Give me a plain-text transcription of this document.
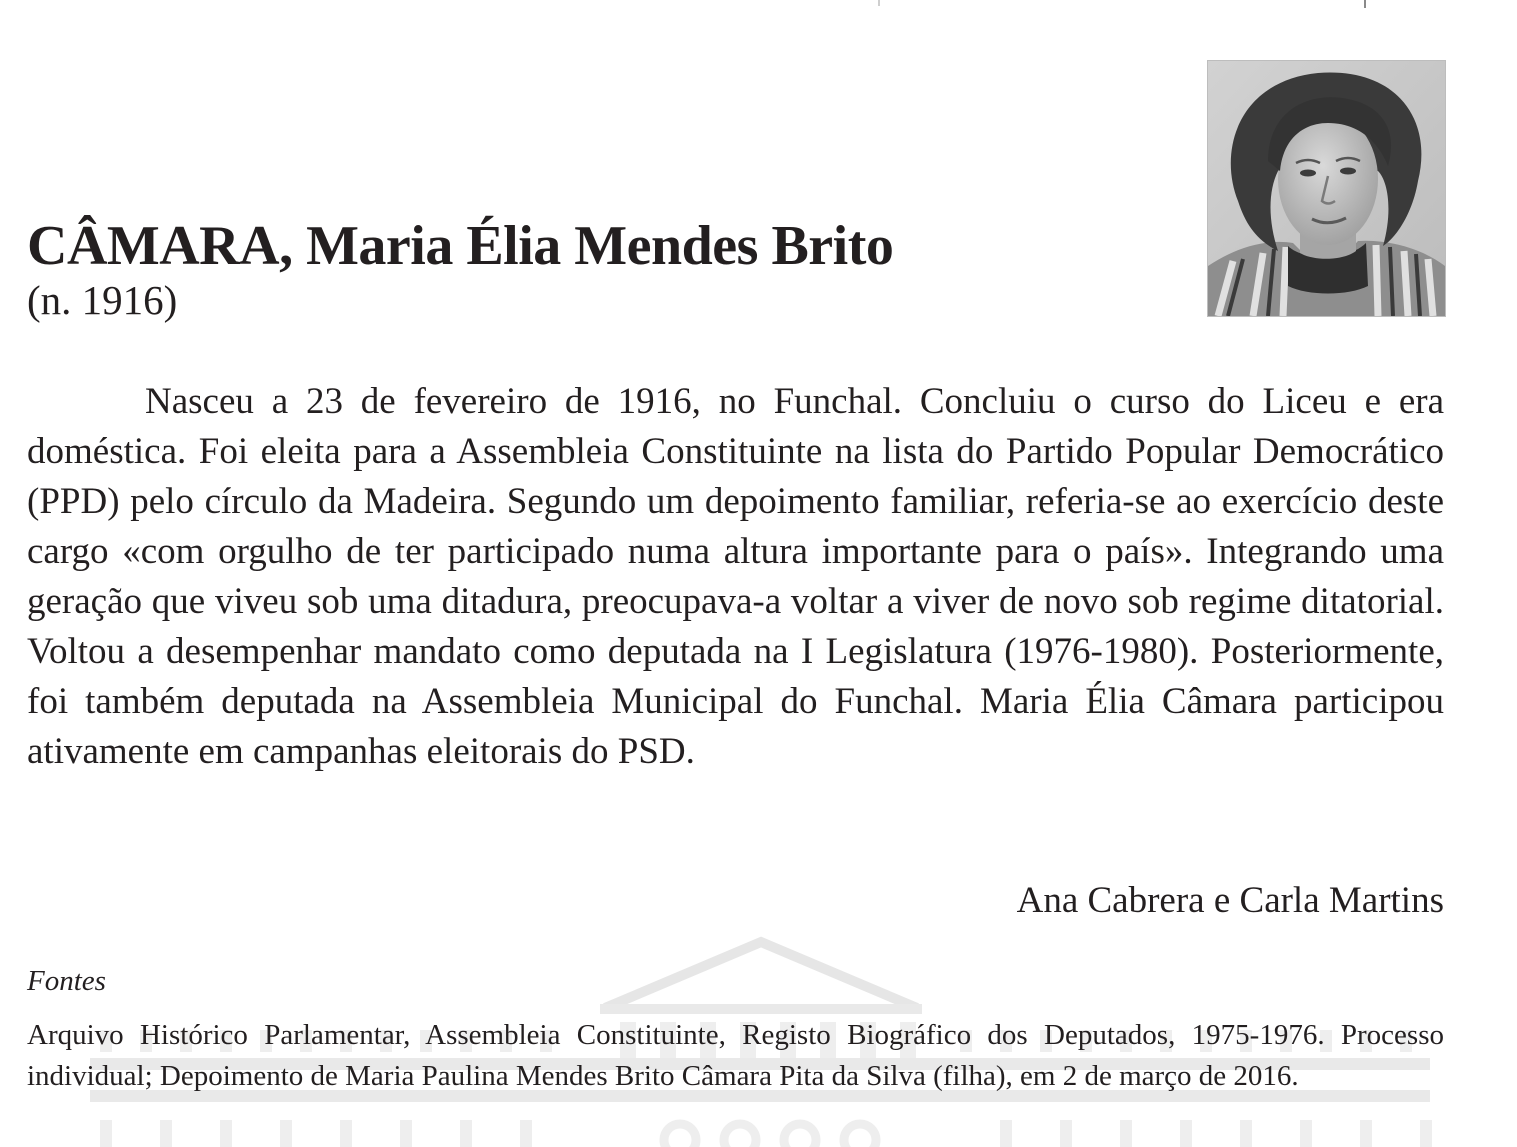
CÂMARA, Maria Élia Mendes Brito

(n. 1916)

Nasceu a 23 de fevereiro de 1916, no Funchal. Concluiu o curso do Liceu e era doméstica. Foi eleita para a Assembleia Constituinte na lista do Partido Popular Democrático (PPD) pelo círculo da Madeira. Segundo um depoimento familiar, referia-se ao exercício deste cargo «com orgulho de ter participado numa altura importante para o país». Integrando uma geração que viveu sob uma ditadura, preocupava-a voltar a viver de novo sob regime ditatorial. Voltou a desempenhar mandato como deputada na I Legislatura (1976-1980). Posteriormente, foi também deputada na Assembleia Municipal do Funchal. Maria Élia Câmara participou ativamente em campanhas eleitorais do PSD.

Ana Cabrera e Carla Martins

Fontes

Arquivo Histórico Parlamentar, Assembleia Constituinte, Registo Biográfico dos Deputados, 1975-1976. Processo individual; Depoimento de Maria Paulina Mendes Brito Câmara Pita da Silva (filha), em 2 de março de 2016.
